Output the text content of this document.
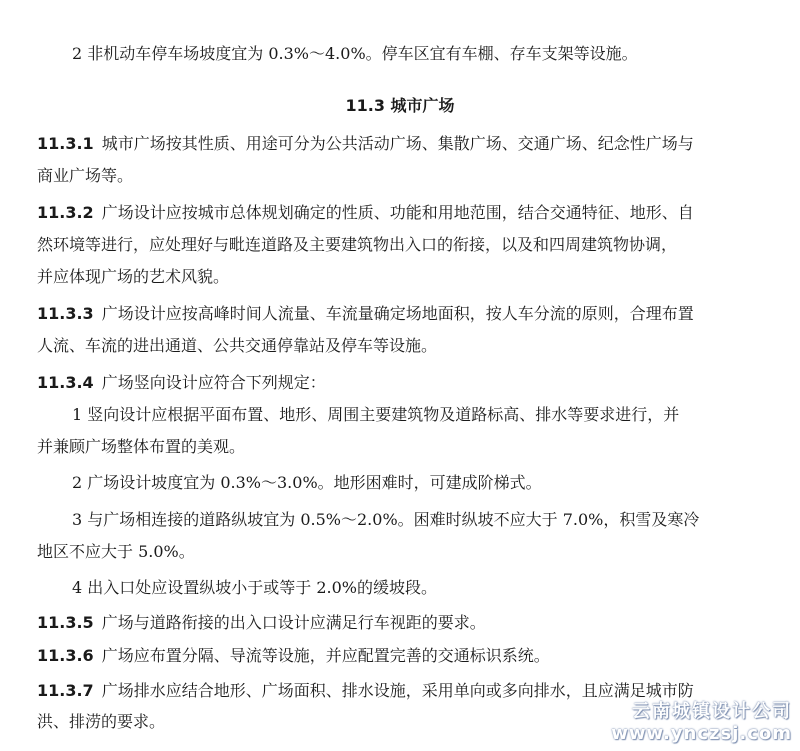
2 非机动车停车场坡度宜为 0.3%～4.0%。停车区宜有车棚、存车支架等设施。
11.3 城市广场
11.3.1 城市广场按其性质、用途可分为公共活动广场、集散广场、交通广场、纪念性广场与
商业广场等。
11.3.2 广场设计应按城市总体规划确定的性质、功能和用地范围，结合交通特征、地形、自
然环境等进行，应处理好与毗连道路及主要建筑物出入口的衔接，以及和四周建筑物协调，
并应体现广场的艺术风貌。
11.3.3 广场设计应按高峰时间人流量、车流量确定场地面积，按人车分流的原则，合理布置
人流、车流的进出通道、公共交通停靠站及停车等设施。
11.3.4 广场竖向设计应符合下列规定：
1 竖向设计应根据平面布置、地形、周围主要建筑物及道路标高、排水等要求进行，并
并兼顾广场整体布置的美观。
2 广场设计坡度宜为 0.3%～3.0%。地形困难时，可建成阶梯式。
3 与广场相连接的道路纵坡宜为 0.5%～2.0%。困难时纵坡不应大于 7.0%，积雪及寒冷
地区不应大于 5.0%。
4 出入口处应设置纵坡小于或等于 2.0%的缓坡段。
11.3.5 广场与道路衔接的出入口设计应满足行车视距的要求。
11.3.6 广场应布置分隔、导流等设施，并应配置完善的交通标识系统。
11.3.7 广场排水应结合地形、广场面积、排水设施，采用单向或多向排水，且应满足城市防
洪、排涝的要求。	云南城镇设计公司
www.ynczsj.com
